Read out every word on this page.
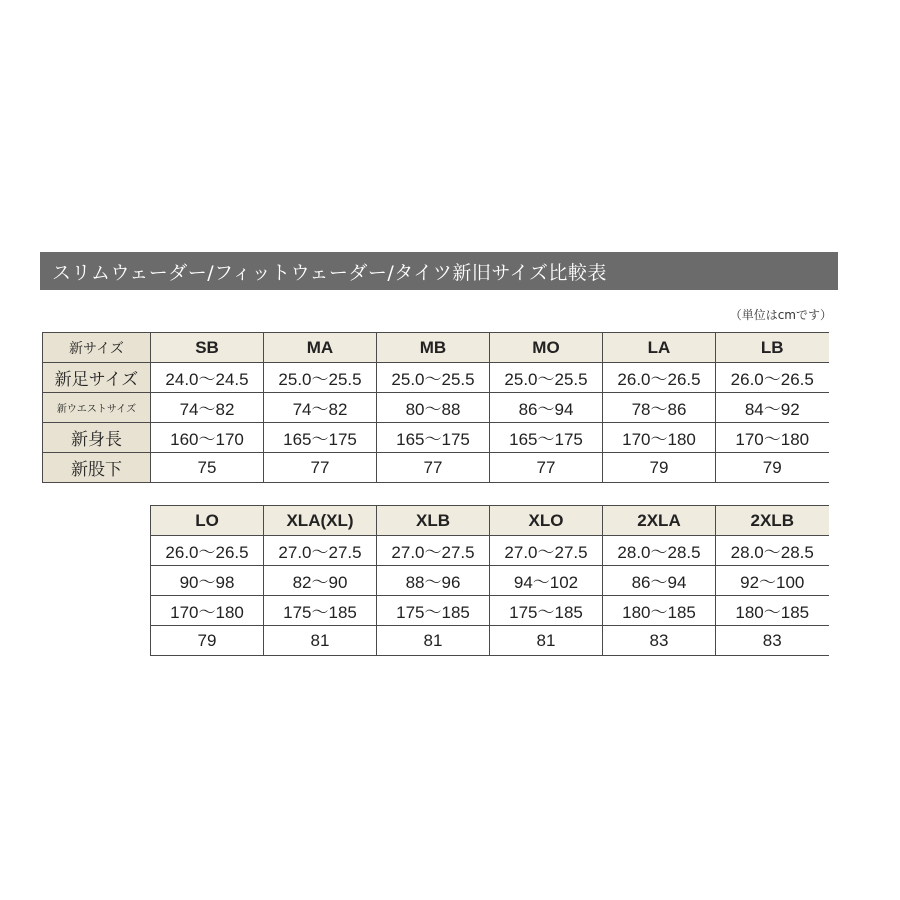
スリムウェーダー/フィットウェーダー/タイツ新旧サイズ比較表
（単位はcmです）
新サイズ	SB	MA	MB	MO	LA	LB
新足サイズ	24.0～24.5	25.0～25.5	25.0～25.5	25.0～25.5	26.0～26.5	26.0～26.5
新ウエストサイズ	74～82	74～82	80～88	86～94	78～86	84～92
新身長	160～170	165～175	165～175	165～175	170～180	170～180
新股下	75	77	77	77	79	79
LO	XLA(XL)	XLB	XLO	2XLA	2XLB
26.0～26.5	27.0～27.5	27.0～27.5	27.0～27.5	28.0～28.5	28.0～28.5
90～98	82～90	88～96	94～102	86～94	92～100
170～180	175～185	175～185	175～185	180～185	180～185
79	81	81	81	83	83
